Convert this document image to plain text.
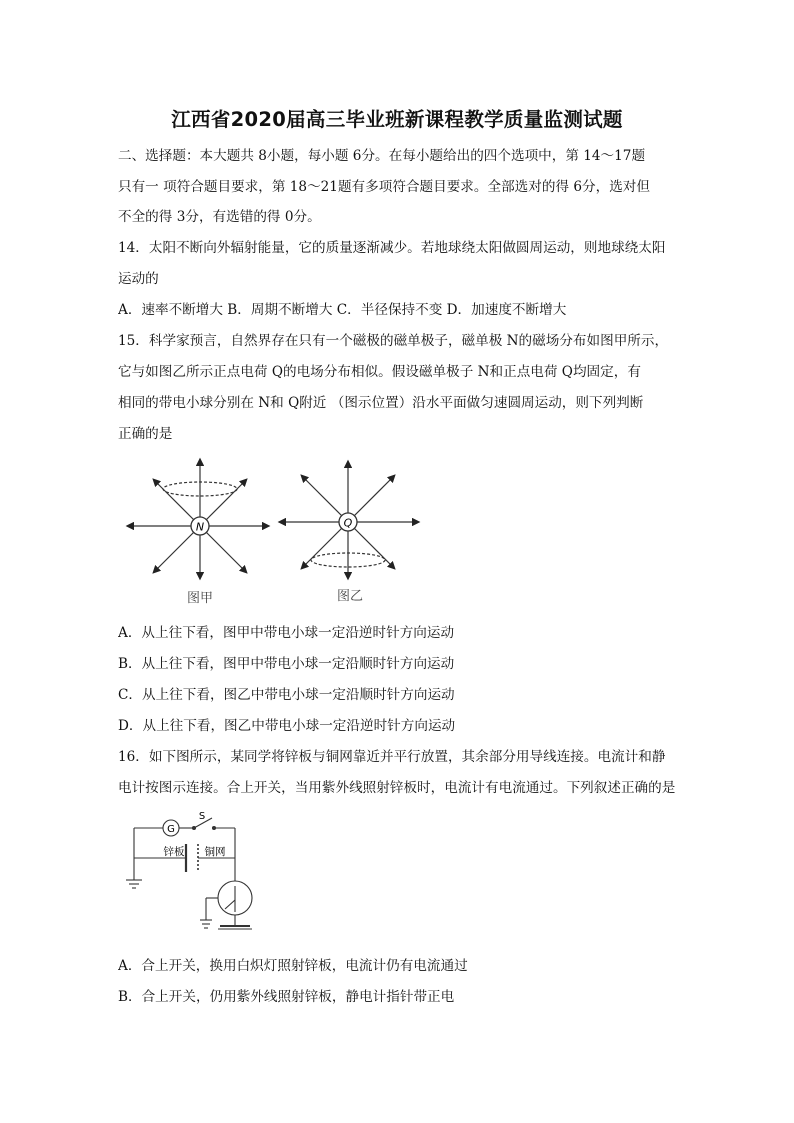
江西省2020届高三毕业班新课程教学质量监测试题
二、选择题：本大题共 8小题，每小题 6分。在每小题给出的四个选项中，第 14～17题
只有一 项符合题目要求，第 18～21题有多项符合题目要求。全部选对的得 6分，选对但
不全的得 3分，有选错的得 0分。
14．太阳不断向外辐射能量，它的质量逐渐减少。若地球绕太阳做圆周运动，则地球绕太阳
运动的
A．速率不断增大 B．周期不断增大 C．半径保持不变 D．加速度不断增大
15．科学家预言，自然界存在只有一个磁极的磁单极子，磁单极 N的磁场分布如图甲所示，
它与如图乙所示正点电荷 Q的电场分布相似。假设磁单极子 N和正点电荷 Q均固定，有
相同的带电小球分别在 N和 Q附近 （图示位置）沿水平面做匀速圆周运动，则下列判断
正确的是
N
图甲
Q
图乙
A．从上往下看，图甲中带电小球一定沿逆时针方向运动
B．从上往下看，图甲中带电小球一定沿顺时针方向运动
C．从上往下看，图乙中带电小球一定沿顺时针方向运动
D．从上往下看，图乙中带电小球一定沿逆时针方向运动
16．如下图所示，某同学将锌板与铜网靠近并平行放置，其余部分用导线连接。电流计和静
电计按图示连接。合上开关，当用紫外线照射锌板时，电流计有电流通过。下列叙述正确的是
G
S
锌板 铜网
A．合上开关，换用白炽灯照射锌板，电流计仍有电流通过
B．合上开关，仍用紫外线照射锌板，静电计指针带正电
